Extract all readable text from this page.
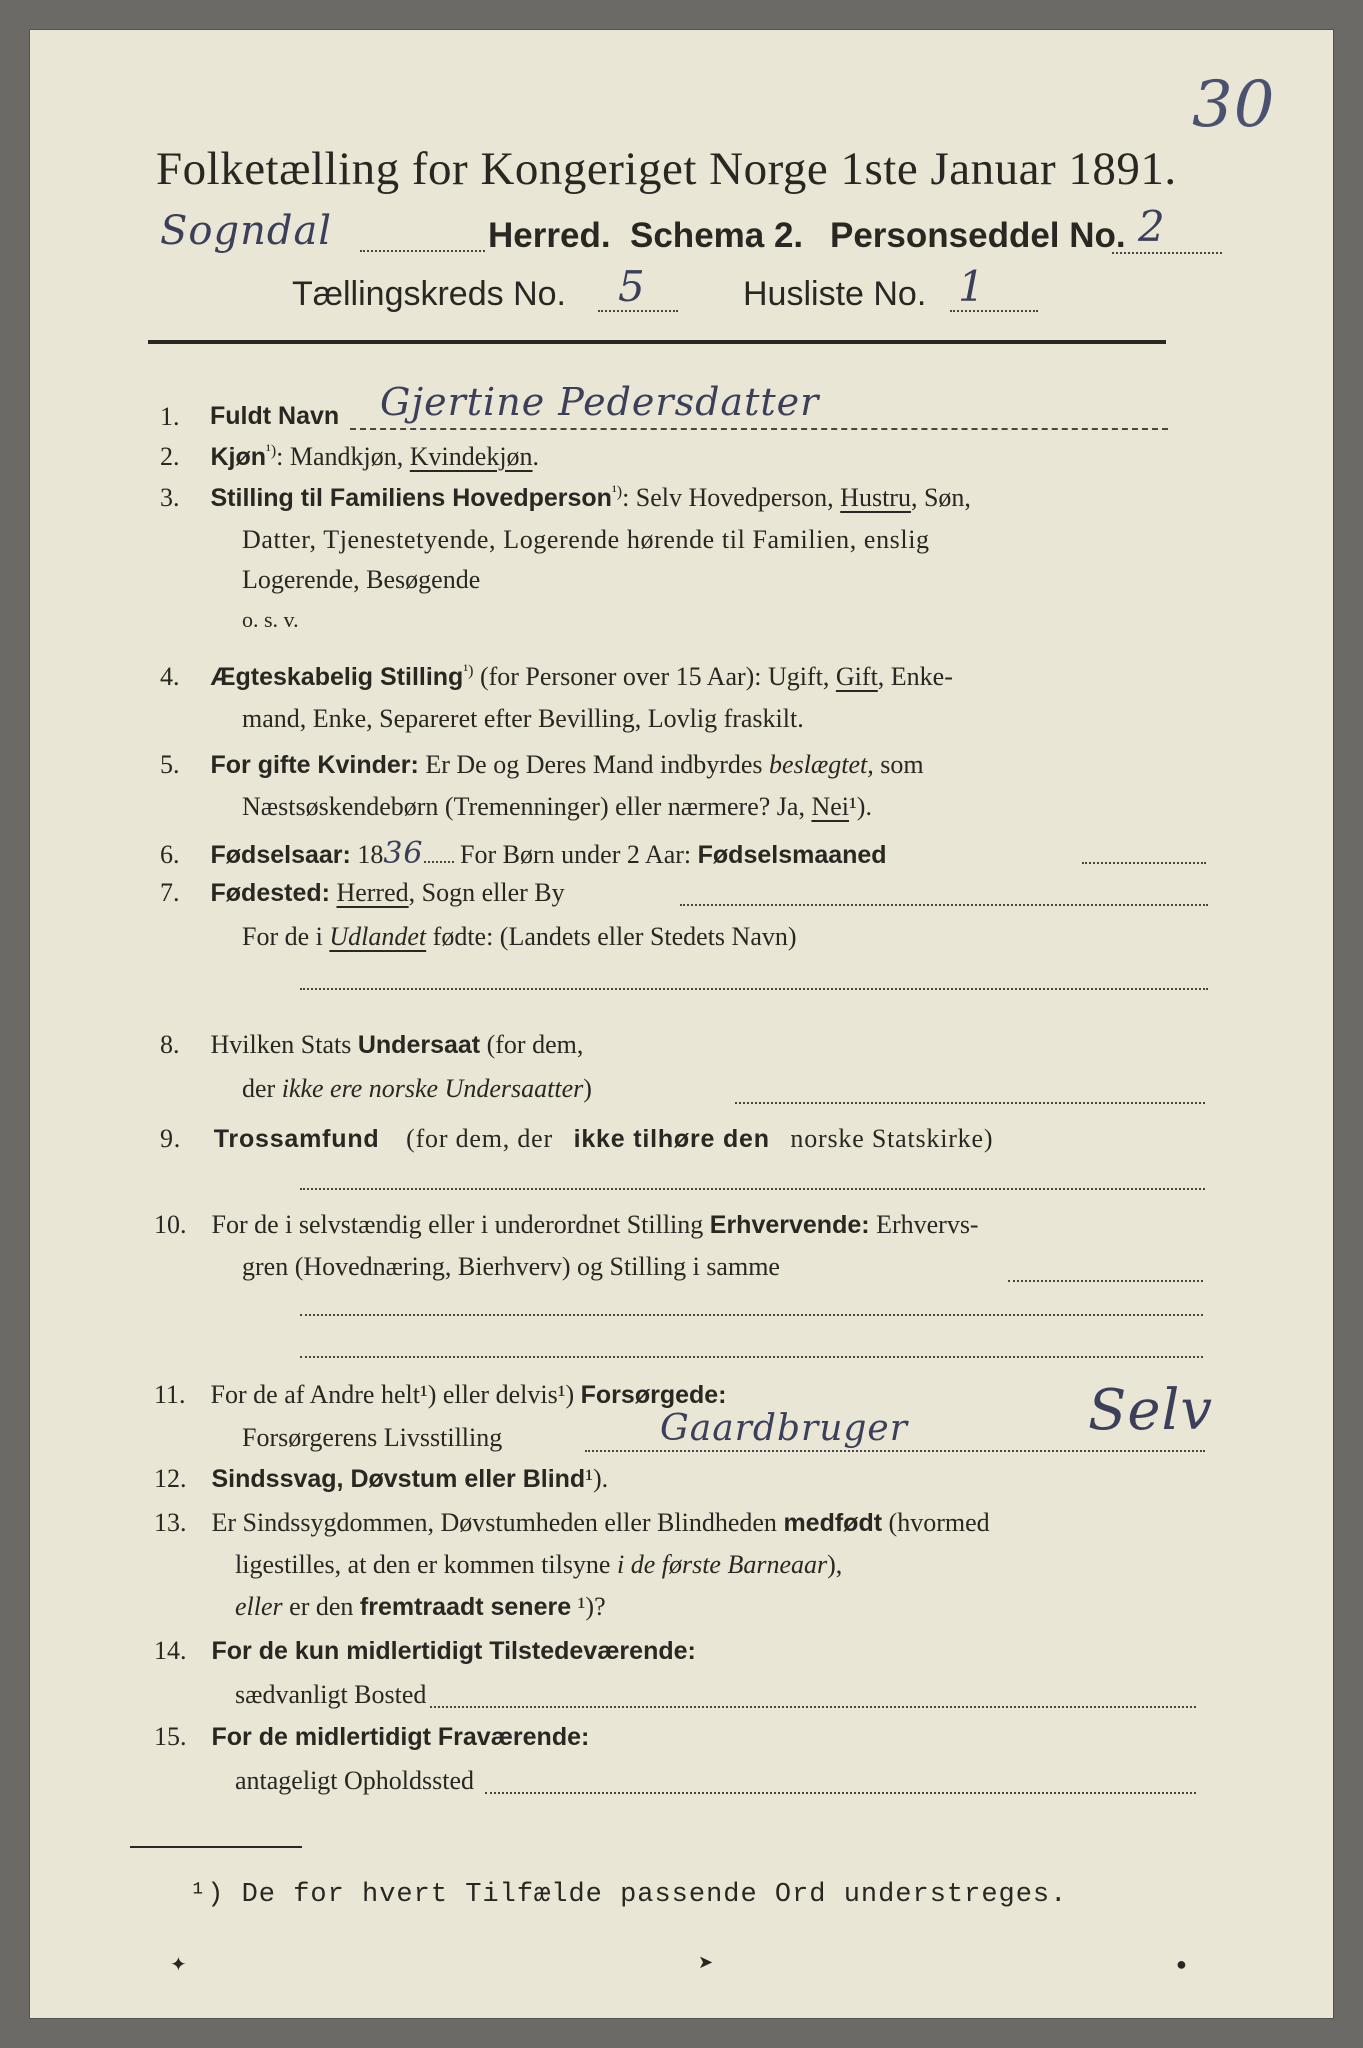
30
Folketælling for Kongeriget Norge 1ste Januar 1891.
Sogndal	Herred. Schema 2. Personseddel No. 2
Tællingskreds No. 5	Husliste No. 1
1. Fuldt Navn Gjertine Pedersdatter
2. Kjøn$^{^1)}$: Mandkjøn, Kvindekjøn.
3. Stilling til Familiens Hovedperson$^{^1)}$: Selv Hovedperson, Hustru, Søn,
Datter, Tjenestetyende, Logerende hørende til Familien, enslig
Logerende, Besøgende
o. s. v.
4. Ægteskabelig Stilling$^{^1)}$ (for Personer over 15 Aar): Ugift, Gift, Enke-
mand, Enke, Separeret efter Bevilling, Lovlig fraskilt.
5. For gifte Kvinder: Er De og Deres Mand indbyrdes beslægtet, som
Næstsøskendebørn (Tremenninger) eller nærmere? Ja, Nei¹).
6. Fødselsaar: 1836 For Børn under 2 Aar: Fødselsmaaned
7. Fødested: Herred, Sogn eller By
For de i Udlandet fødte: (Landets eller Stedets Navn)
8. Hvilken Stats Undersaat (for dem,
der ikke ere norske Undersaatter)
9. Trossamfund (for dem, der ikke tilhøre den norske Statskirke)
10. For de i selvstændig eller i underordnet Stilling Erhvervende: Erhvervs-
gren (Hovednæring, Bierhverv) og Stilling i samme
11. For de af Andre helt¹) eller delvis¹) Forsørgede:
Forsørgerens Livsstilling	Gaardbruger	Selv
12. Sindssvag, Døvstum eller Blind¹).
13. Er Sindssygdommen, Døvstumheden eller Blindheden medfødt (hvormed
ligestilles, at den er kommen tilsyne i de første Barneaar),
eller er den fremtraadt senere ¹)?
14. For de kun midlertidigt Tilstedeværende:
sædvanligt Bosted
15. For de midlertidigt Fraværende:
antageligt Opholdssted
¹) De for hvert Tilfælde passende Ord understreges.
✦	➤	●
